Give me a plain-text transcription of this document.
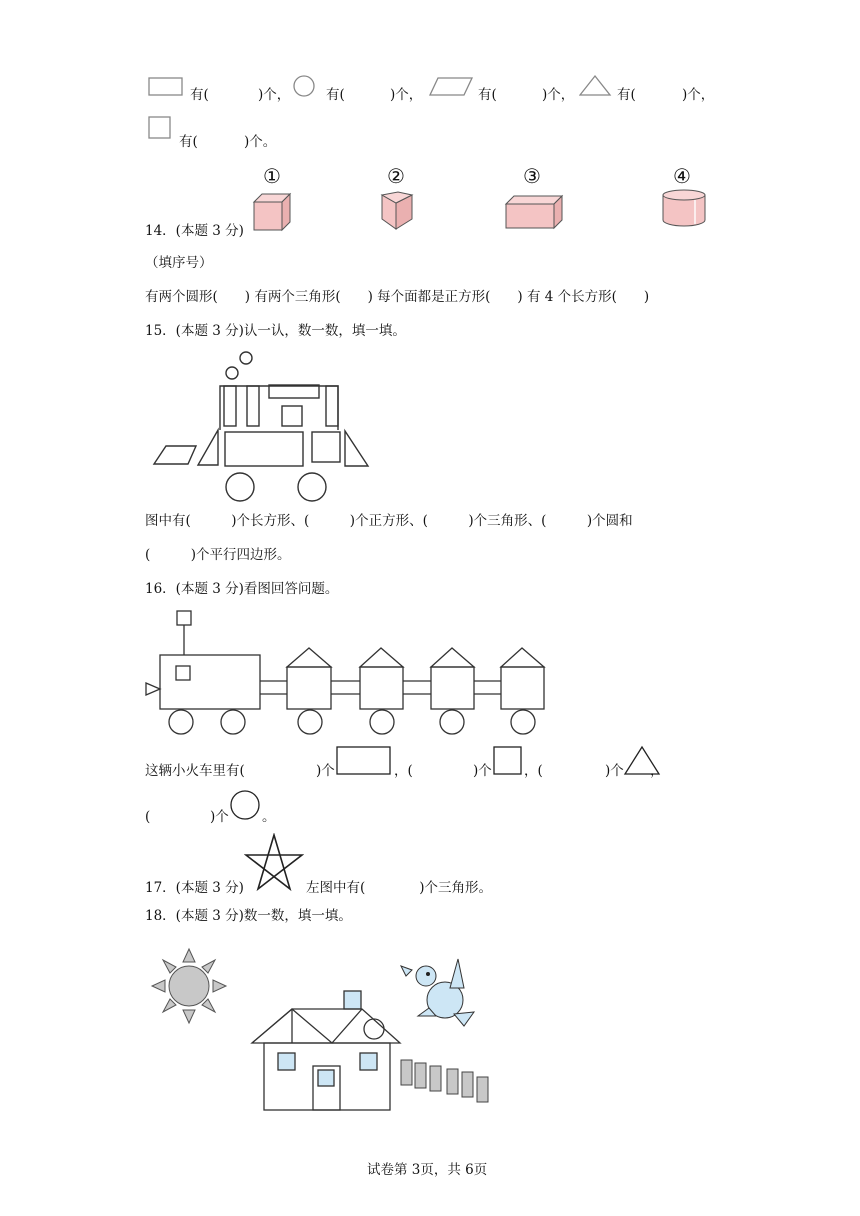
有(	)个，	有(	)个，	有(	)个，	有(	)个，
有(	)个。
14．(本题 3 分)
①	②	③	④
（填序号）
有两个圆形(　　) 有两个三角形(　　) 每个面都是正方形(　　) 有 4 个长方形(　　)
15．(本题 3 分)认一认，数一数，填一填。
图中有(　　　)个长方形、(　　　)个正方形、(　　　)个三角形、(　　　)个圆和
(　　　)个平行四边形。
16．(本题 3 分)看图回答问题。
这辆小火车里有(	)个	，(	)个 ，(	)个 ，
(	)个 。
17．(本题 3 分)	左图中有(　　　　)个三角形。
18．(本题 3 分)数一数，填一填。
试卷第 3页，共 6页
